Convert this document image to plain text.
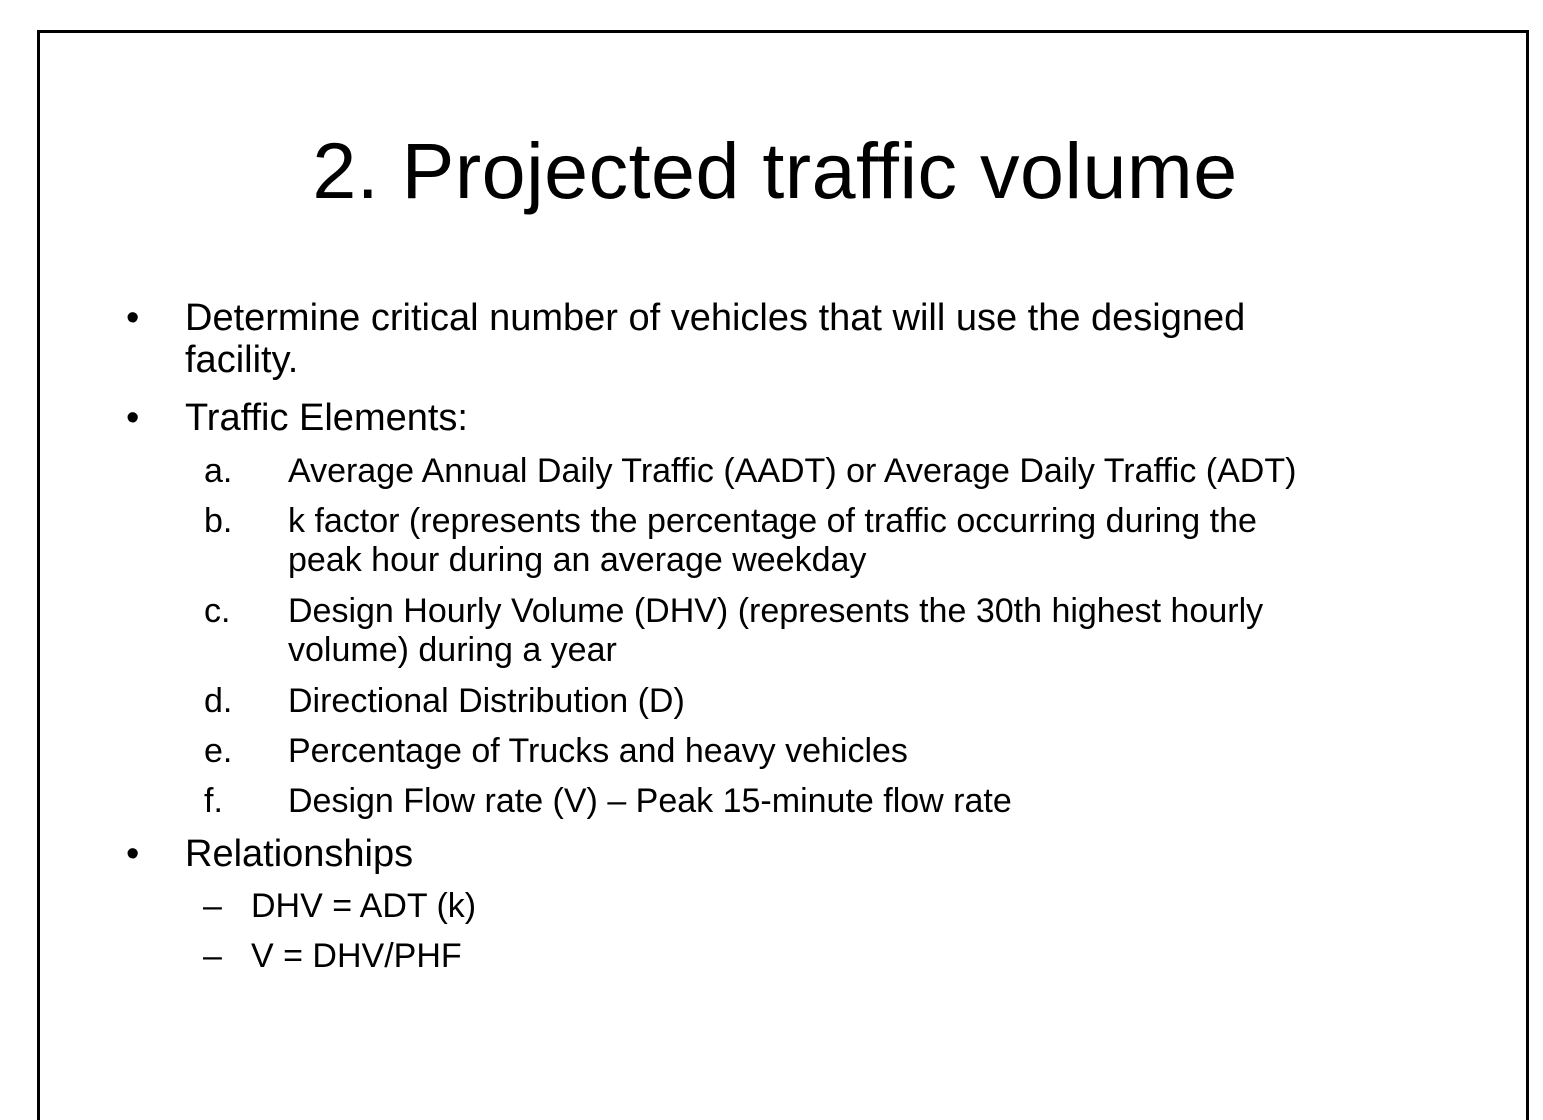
2. Projected traffic volume
• Determine critical number of vehicles that will use the designed
facility.
• Traffic Elements:
a.	Average Annual Daily Traffic (AADT) or Average Daily Traffic (ADT)
b.	k factor (represents the percentage of traffic occurring during the
peak hour during an average weekday
c.	Design Hourly Volume (DHV) (represents the 30th highest hourly
volume) during a year
d.	Directional Distribution (D)
e.	Percentage of Trucks and heavy vehicles
f.	Design Flow rate (V) – Peak 15-minute flow rate
• Relationships
– DHV = ADT (k)
– V = DHV/PHF
